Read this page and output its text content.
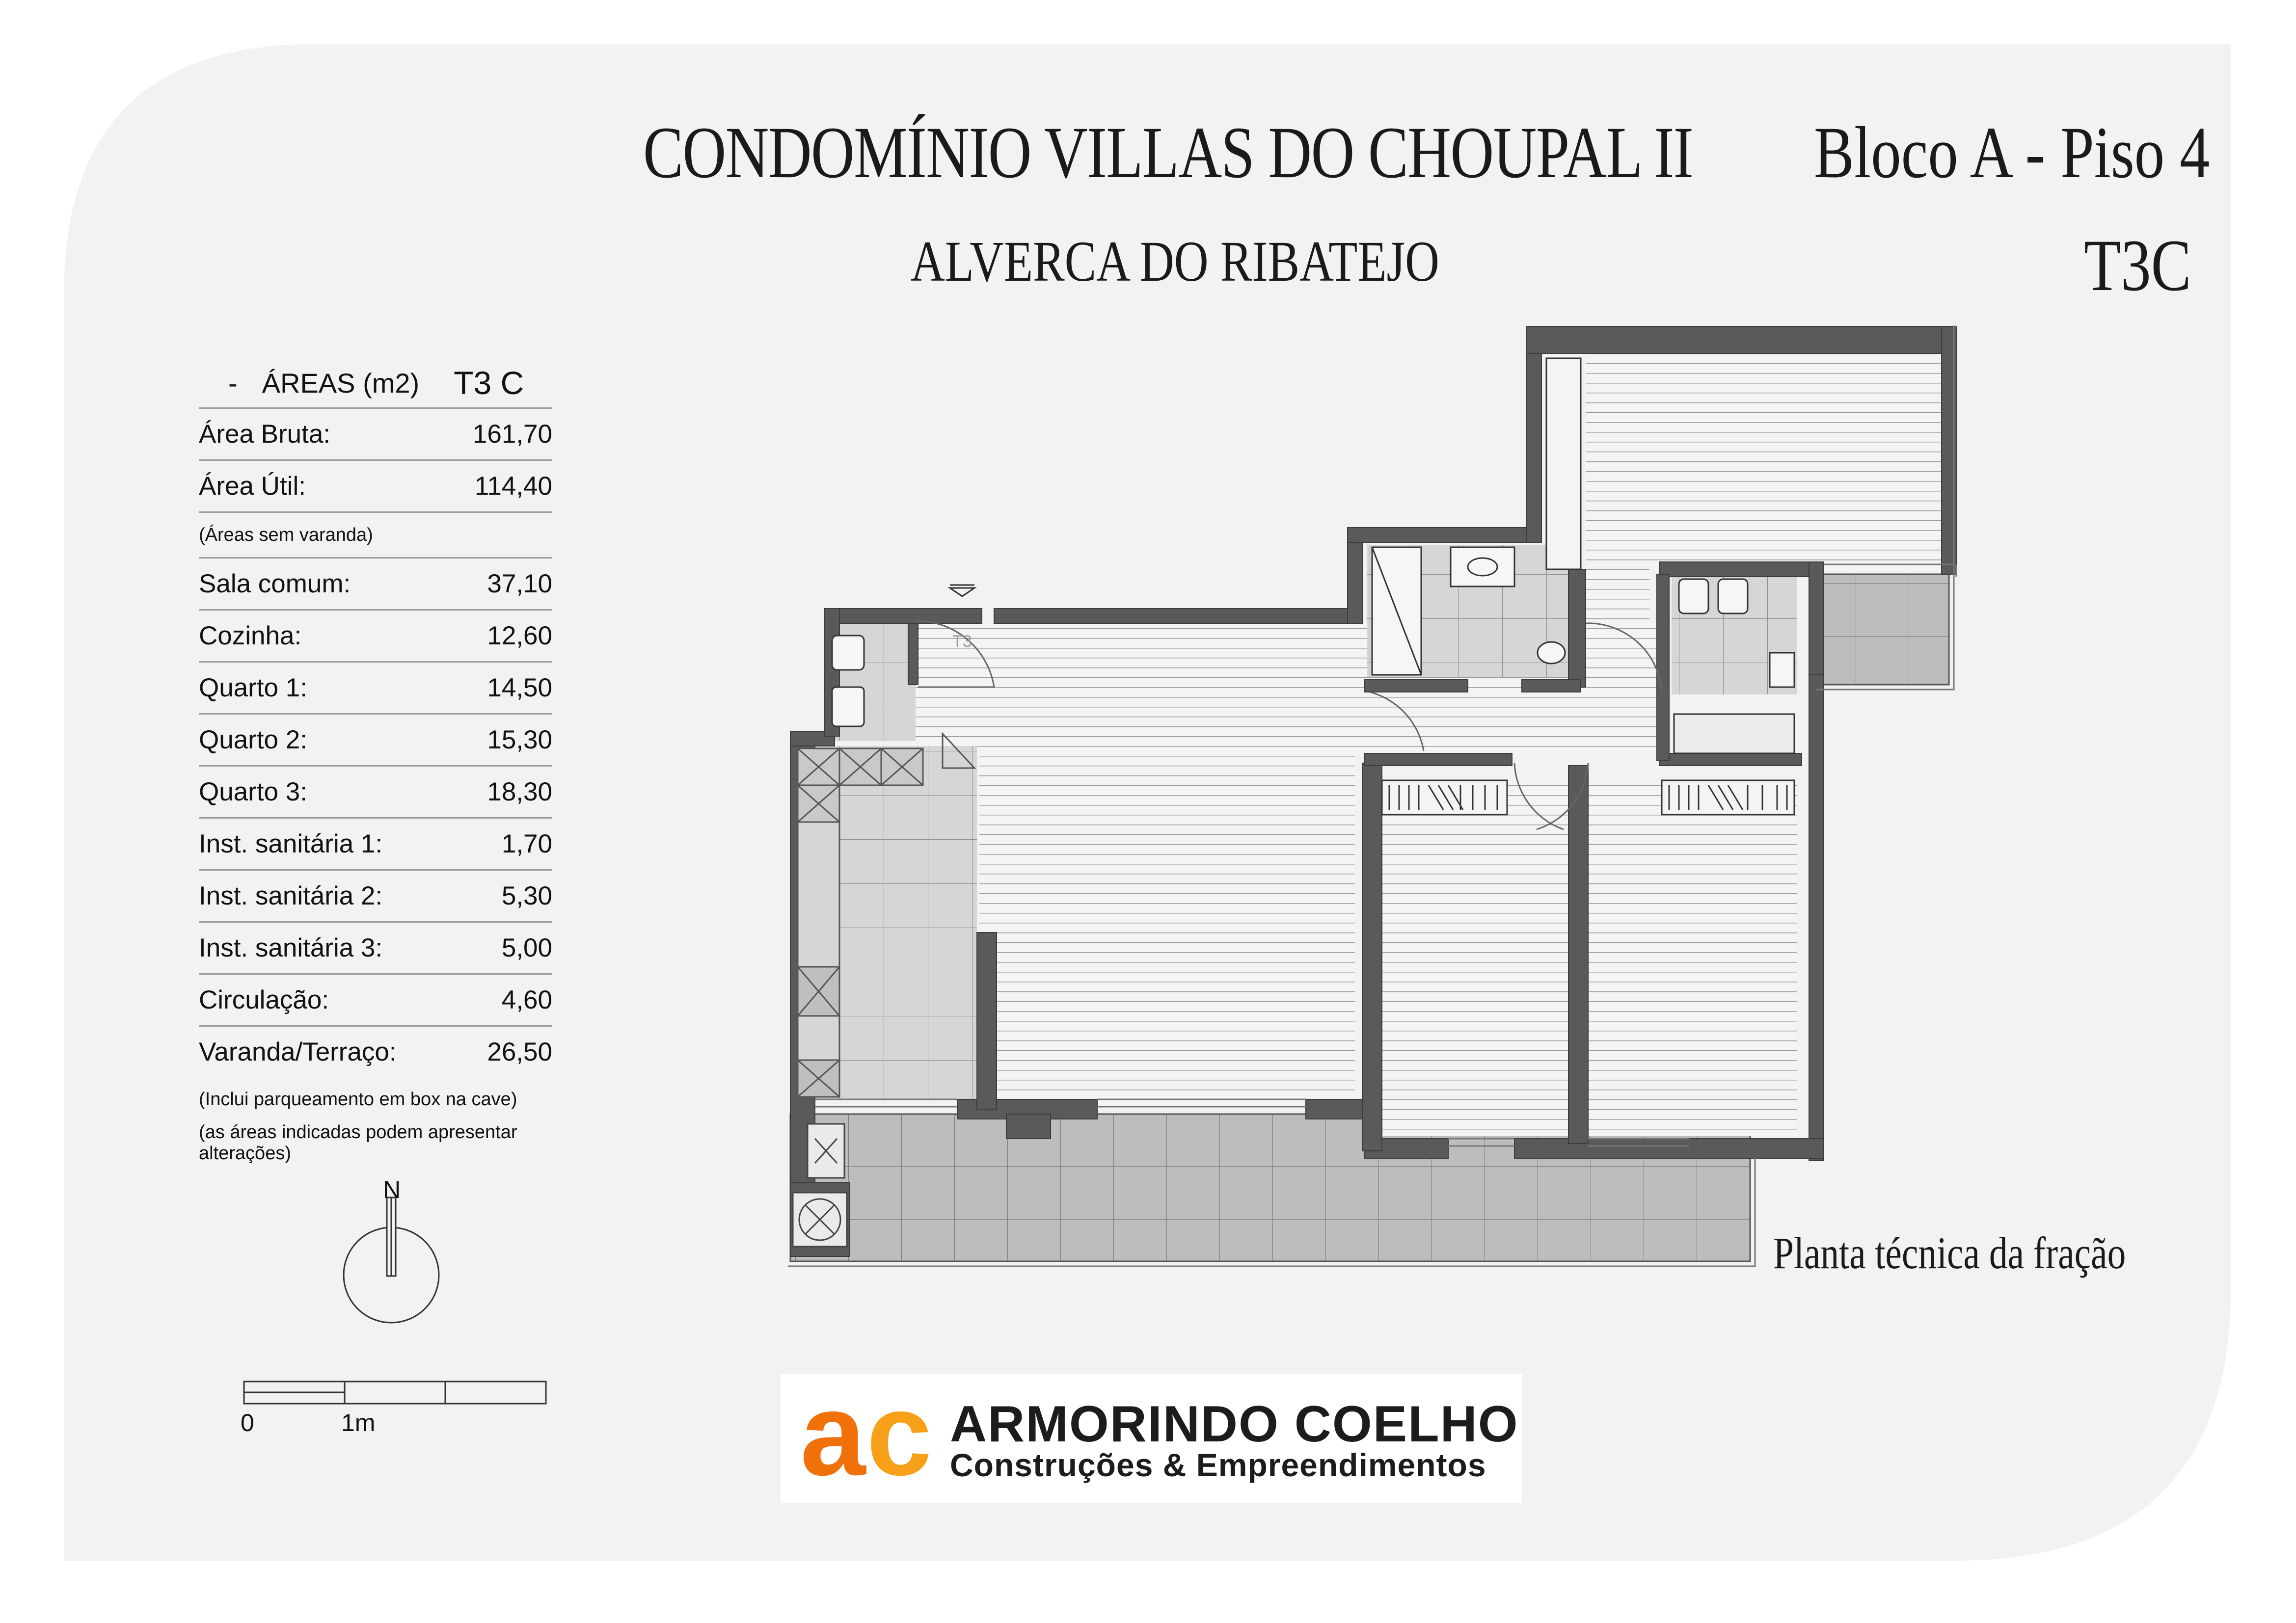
T3
CONDOMÍNIO VILLAS DO CHOUPAL II
ALVERCA DO RIBATEJO
Bloco A - Piso 4
T3C
- ÁREAS (m2) T3 C
Área Bruta:	161,70
Área Útil:	114,40
(Áreas sem varanda)
Sala comum:	37,10
Cozinha:	12,60
Quarto 1:	14,50
Quarto 2:	15,30
Quarto 3:	18,30
Inst. sanitária 1:	1,70
Inst. sanitária 2:	5,30
Inst. sanitária 3:	5,00
Circulação:	4,60
Varanda/Terraço:	26,50
(Inclui parqueamento em box na cave)
(as áreas indicadas podem apresentar alterações)
N
0	1m
Planta técnica da fração
a c ARMORINDO COELHO
Construções & Empreendimentos
